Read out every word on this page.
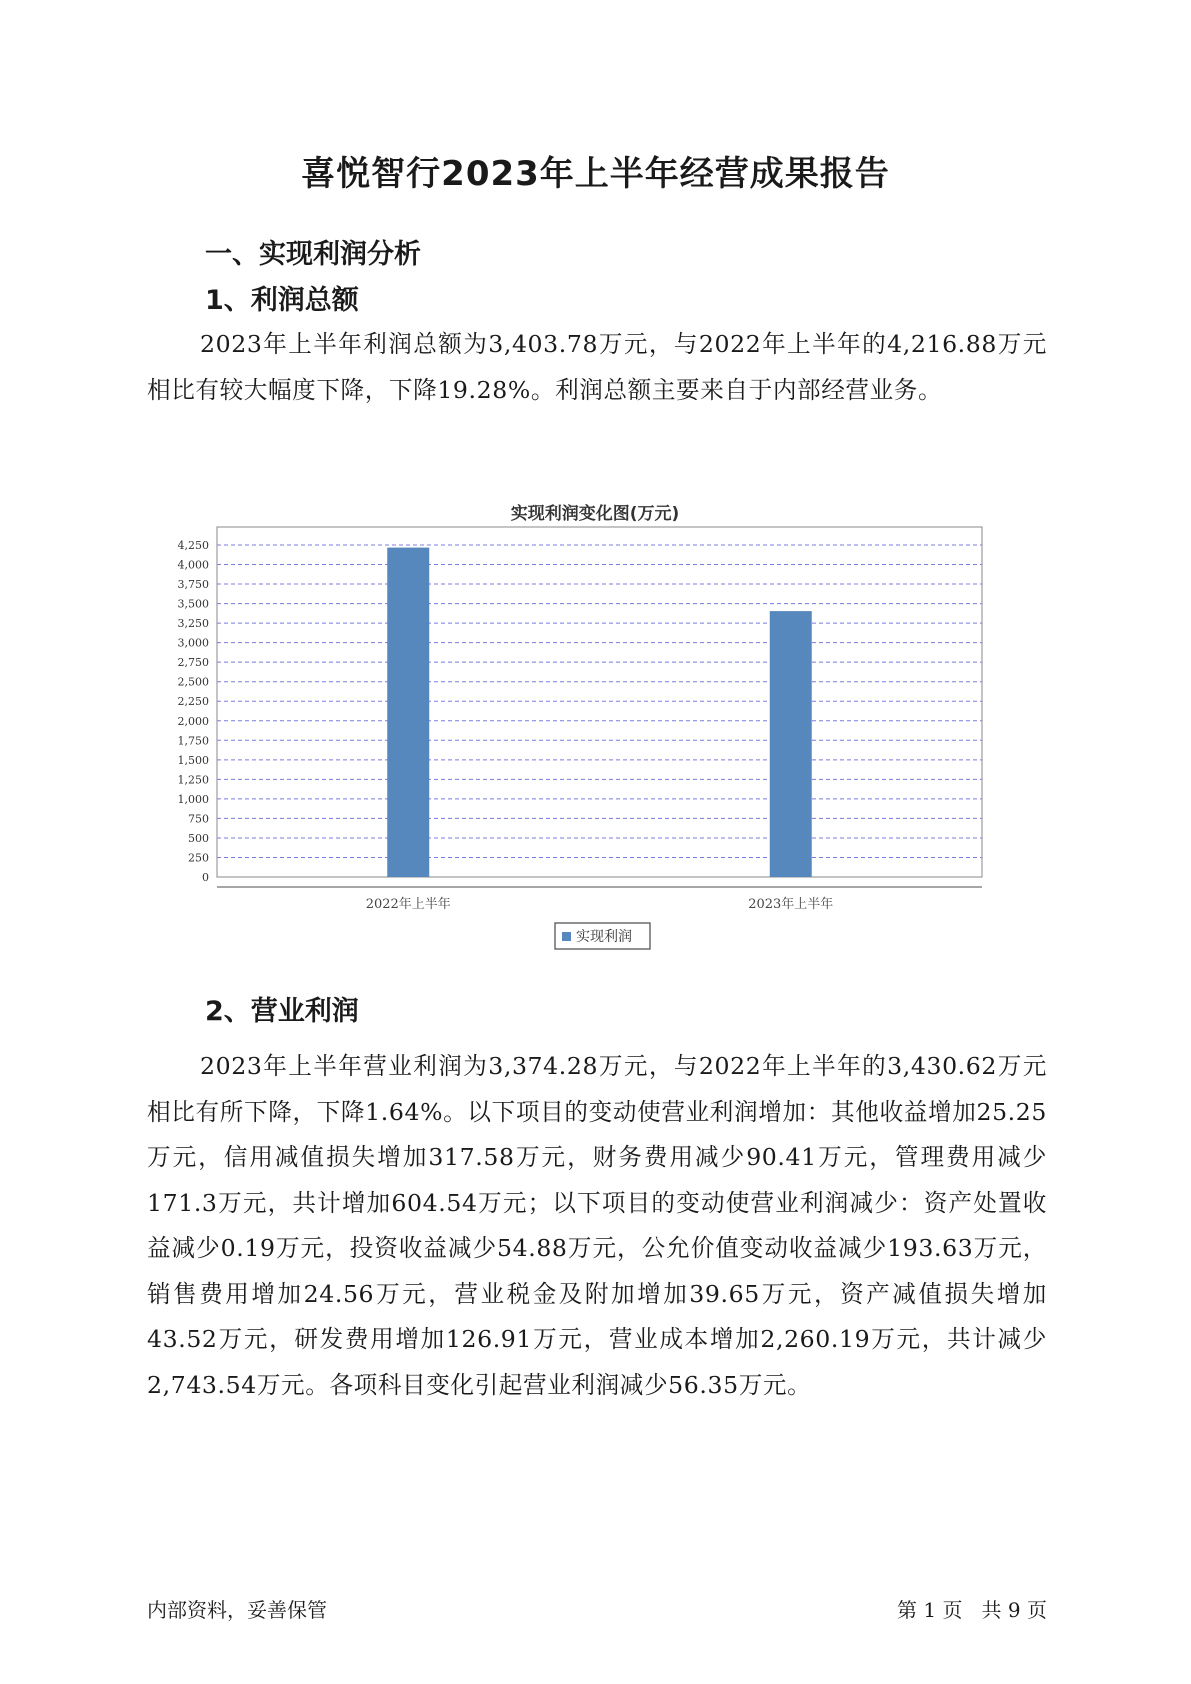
喜悦智行2023年上半年经营成果报告
一、实现利润分析
1、利润总额
2023年上半年利润总额为3,403.78万元，与2022年上半年的4,216.88万元相比有较大幅度下降，下降19.28%。利润总额主要来自于内部经营业务。
实现利润变化图(万元)
0
250
500
750
1,000
1,250
1,500
1,750
2,000
2,250
2,500
2,750
3,000
3,250
3,500
3,750
4,000
4,250
2022年上半年	2023年上半年
实现利润
2、营业利润
2023年上半年营业利润为3,374.28万元，与2022年上半年的3,430.62万元相比有所下降，下降1.64%。以下项目的变动使营业利润增加：其他收益增加25.25万元，信用减值损失增加317.58万元，财务费用减少90.41万元，管理费用减少171.3万元，共计增加604.54万元；以下项目的变动使营业利润减少：资产处置收益减少0.19万元，投资收益减少54.88万元，公允价值变动收益减少193.63万元，销售费用增加24.56万元，营业税金及附加增加39.65万元，资产减值损失增加43.52万元，研发费用增加126.91万元，营业成本增加2,260.19万元，共计减少2,743.54万元。各项科目变化引起营业利润减少56.35万元。
内部资料，妥善保管	第 1 页   共 9 页
